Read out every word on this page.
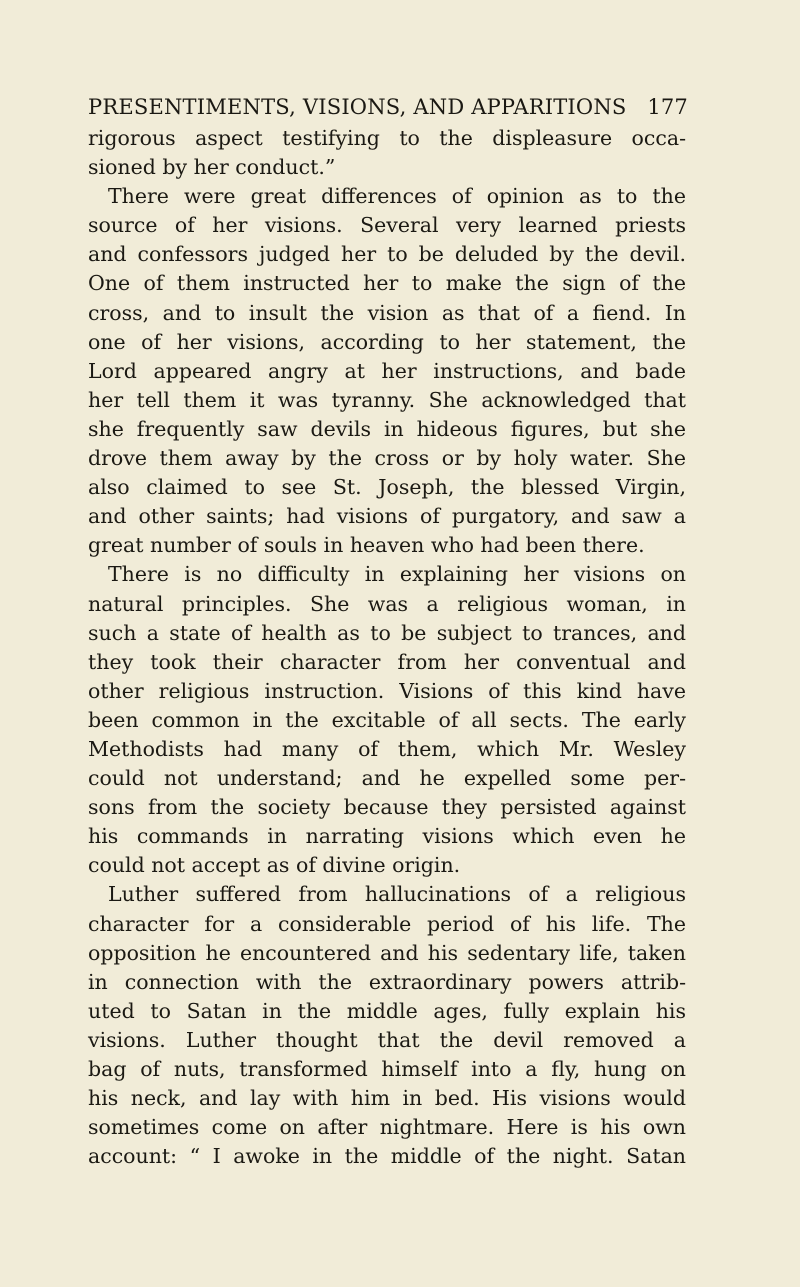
PRESENTIMENTS, VISIONS, AND APPARITIONS 177
rigorous aspect testifying to the displeasure occa-
sioned by her conduct.”
There were great differences of opinion as to the
source of her visions. Several very learned priests
and confessors judged her to be deluded by the devil.
One of them instructed her to make the sign of the
cross, and to insult the vision as that of a fiend. In
one of her visions, according to her statement, the
Lord appeared angry at her instructions, and bade
her tell them it was tyranny. She acknowledged that
she frequently saw devils in hideous figures, but she
drove them away by the cross or by holy water. She
also claimed to see St. Joseph, the blessed Virgin,
and other saints; had visions of purgatory, and saw a
great number of souls in heaven who had been there.
There is no difficulty in explaining her visions on
natural principles. She was a religious woman, in
such a state of health as to be subject to trances, and
they took their character from her conventual and
other religious instruction. Visions of this kind have
been common in the excitable of all sects. The early
Methodists had many of them, which Mr. Wesley
could not understand; and he expelled some per-
sons from the society because they persisted against
his commands in narrating visions which even he
could not accept as of divine origin.
Luther suffered from hallucinations of a religious
character for a considerable period of his life. The
opposition he encountered and his sedentary life, taken
in connection with the extraordinary powers attrib-
uted to Satan in the middle ages, fully explain his
visions. Luther thought that the devil removed a
bag of nuts, transformed himself into a fly, hung on
his neck, and lay with him in bed. His visions would
sometimes come on after nightmare. Here is his own
account: “ I awoke in the middle of the night. Satan
